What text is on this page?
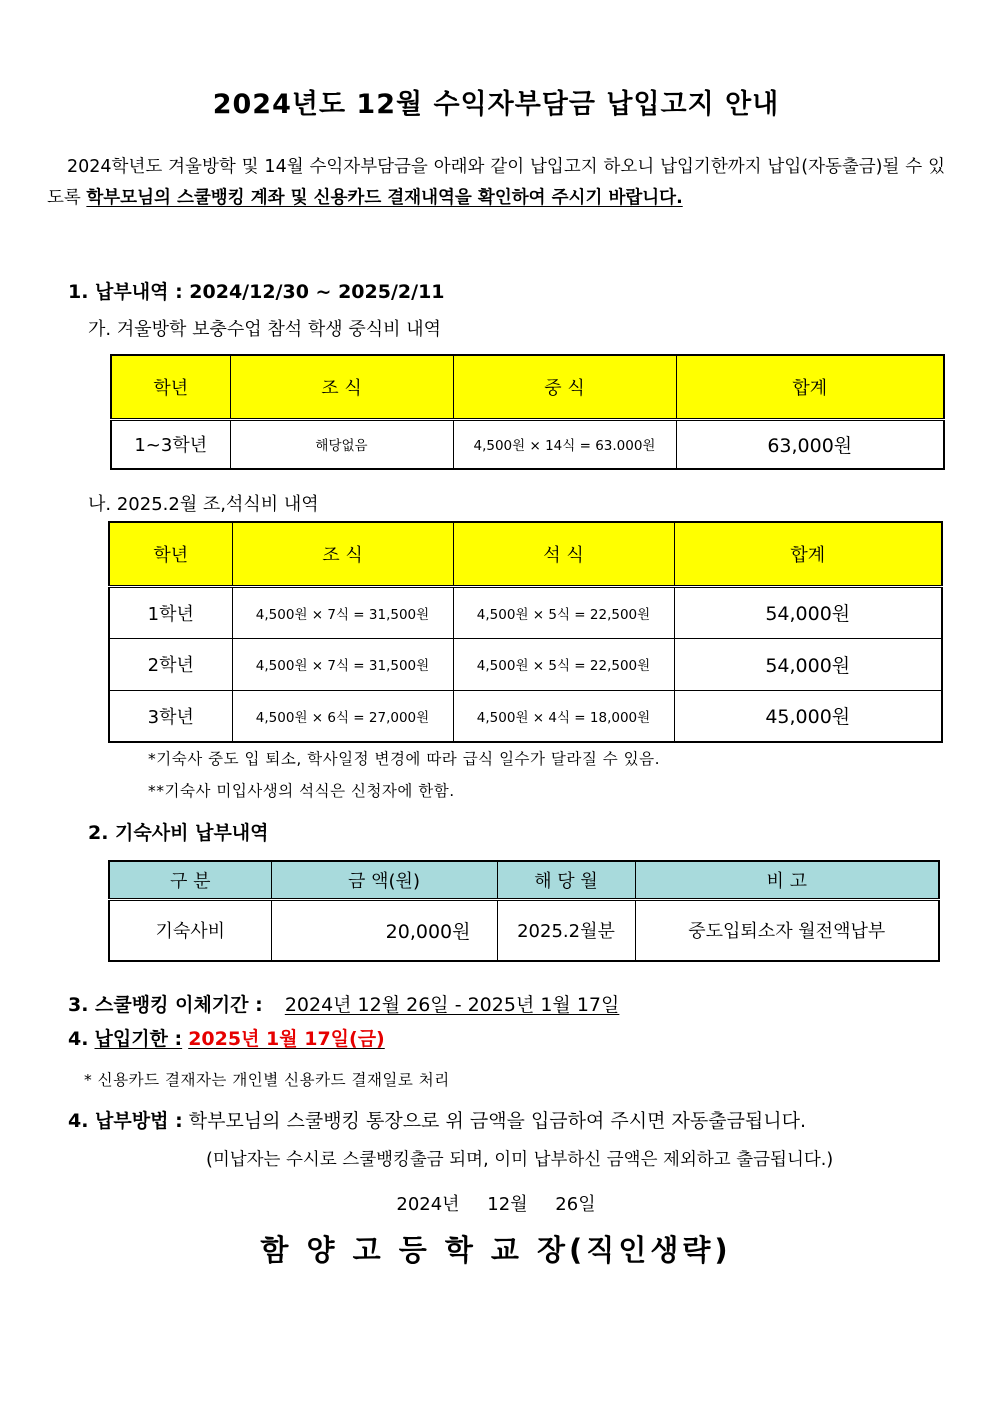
2024년도 12월 수익자부담금 납입고지 안내
2024학년도 겨울방학 및 14월 수익자부담금을 아래와 같이 납입고지 하오니 납입기한까지 납입(자동출금)될 수 있도록 학부모님의 스쿨뱅킹 계좌 및 신용카드 결재내역을 확인하여 주시기 바랍니다.
1. 납부내역 : 2024/12/30 ~ 2025/2/11
가. 겨울방학 보충수업 참석 학생 중식비 내역
학년	조 식	중 식	합계
1~3학년	해당없음	4,500원 × 14식 = 63.000원	63,000원
나. 2025.2월 조,석식비 내역
학년	조 식	석 식	합계
1학년	4,500원 × 7식 = 31,500원	4,500원 × 5식 = 22,500원	54,000원
2학년	4,500원 × 7식 = 31,500원	4,500원 × 5식 = 22,500원	54,000원
3학년	4,500원 × 6식 = 27,000원	4,500원 × 4식 = 18,000원	45,000원
*기숙사 중도 입 퇴소, 학사일정 변경에 따라 급식 일수가 달라질 수 있음.
**기숙사 미입사생의 석식은 신청자에 한함.
2. 기숙사비 납부내역
구 분	금 액(원)	해 당 월	비 고
기숙사비	20,000원	2025.2월분	중도입퇴소자 월전액납부
3. 스쿨뱅킹 이체기간 : 2024년 12월 26일 - 2025년 1월 17일
4. 납입기한 : 2025년 1월 17일(금)
* 신용카드 결재자는 개인별 신용카드 결재일로 처리
4. 납부방법 : 학부모님의 스쿨뱅킹 통장으로 위 금액을 입금하여 주시면 자동출금됩니다.
(미납자는 수시로 스쿨뱅킹출금 되며, 이미 납부하신 금액은 제외하고 출금됩니다.)
2024년 12월 26일
함 양 고 등 학 교 장(직인생략)
